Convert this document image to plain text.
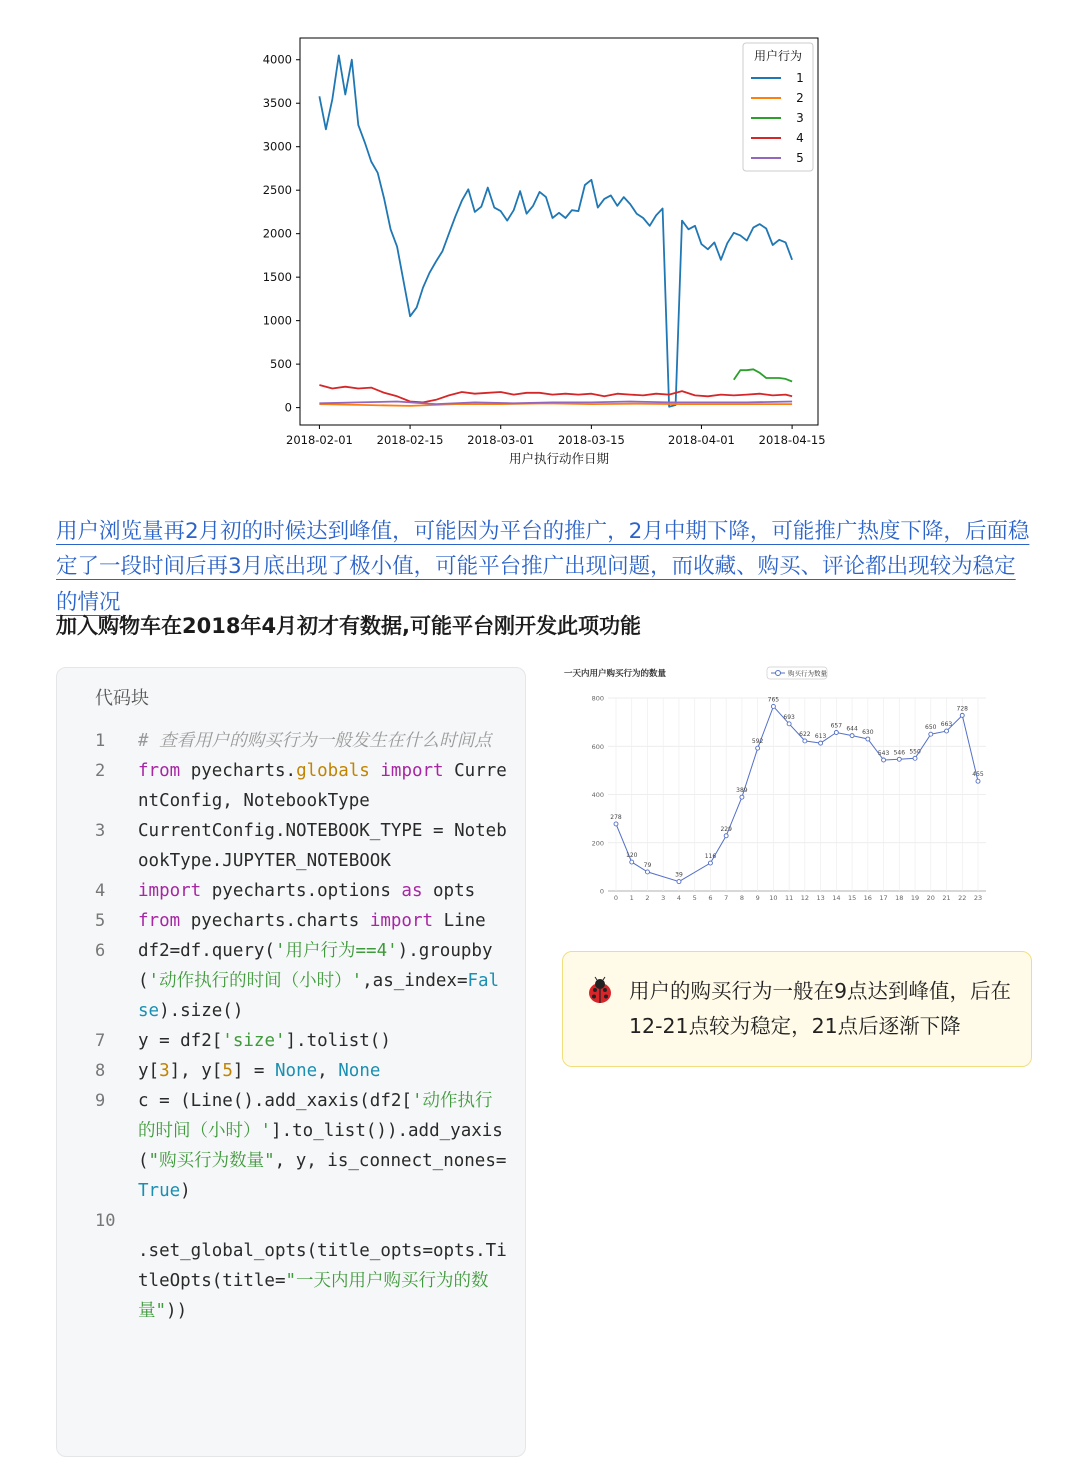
0
500
1000
1500
2000
2500
3000
3500
4000
2018-02-01 2018-02-15 2018-03-01 2018-03-15	2018-04-01 2018-04-15
用户执行动作日期
用户行为
1
2
3
4
5

用户浏览量再2月初的时候达到峰值，可能因为平台的推广，2月中期下降，可能推广热度下降，后面稳定了一段时间后再3月底出现了极小值，可能平台推广出现问题，而收藏、购买、评论都出现较为稳定的情况

加入购物车在2018年4月初才有数据,可能平台刚开发此项功能
代码块
1	# 查看用户的购买行为一般发生在什么时间点
2	from pyecharts.globals import CurrentConfig, NotebookType
3	CurrentConfig.NOTEBOOK_TYPE = NotebookType.JUPYTER_NOTEBOOK
4	import pyecharts.options as opts
5	from pyecharts.charts import Line
6	df2=df.query('用户行为==4').groupby('动作执行的时间（小时）',as_index=False).size()
7	y = df2['size'].tolist()
8	y[3], y[5] = None, None
9	c = (Line().add_xaxis(df2['动作执行的时间（小时）'].to_list()).add_yaxis("购买行为数量", y, is_connect_nones=True)
10

.set_global_opts(title_opts=opts.TitleOpts(title="一天内用户购买行为的数量"))
一天内用户购买行为的数量	购买行为数量
0
200
400
600
800
0 1 2 3 4 5 6 7 8 9 10 11 12 13 14 15 16 17 18 19 20 21 22 23
278
120
79
39
116
229
389
592
765
693
622 613
657 644 630
543 546 550
650 663
728
455
用户的购买行为一般在9点达到峰值，后在12-21点较为稳定，21点后逐渐下降
